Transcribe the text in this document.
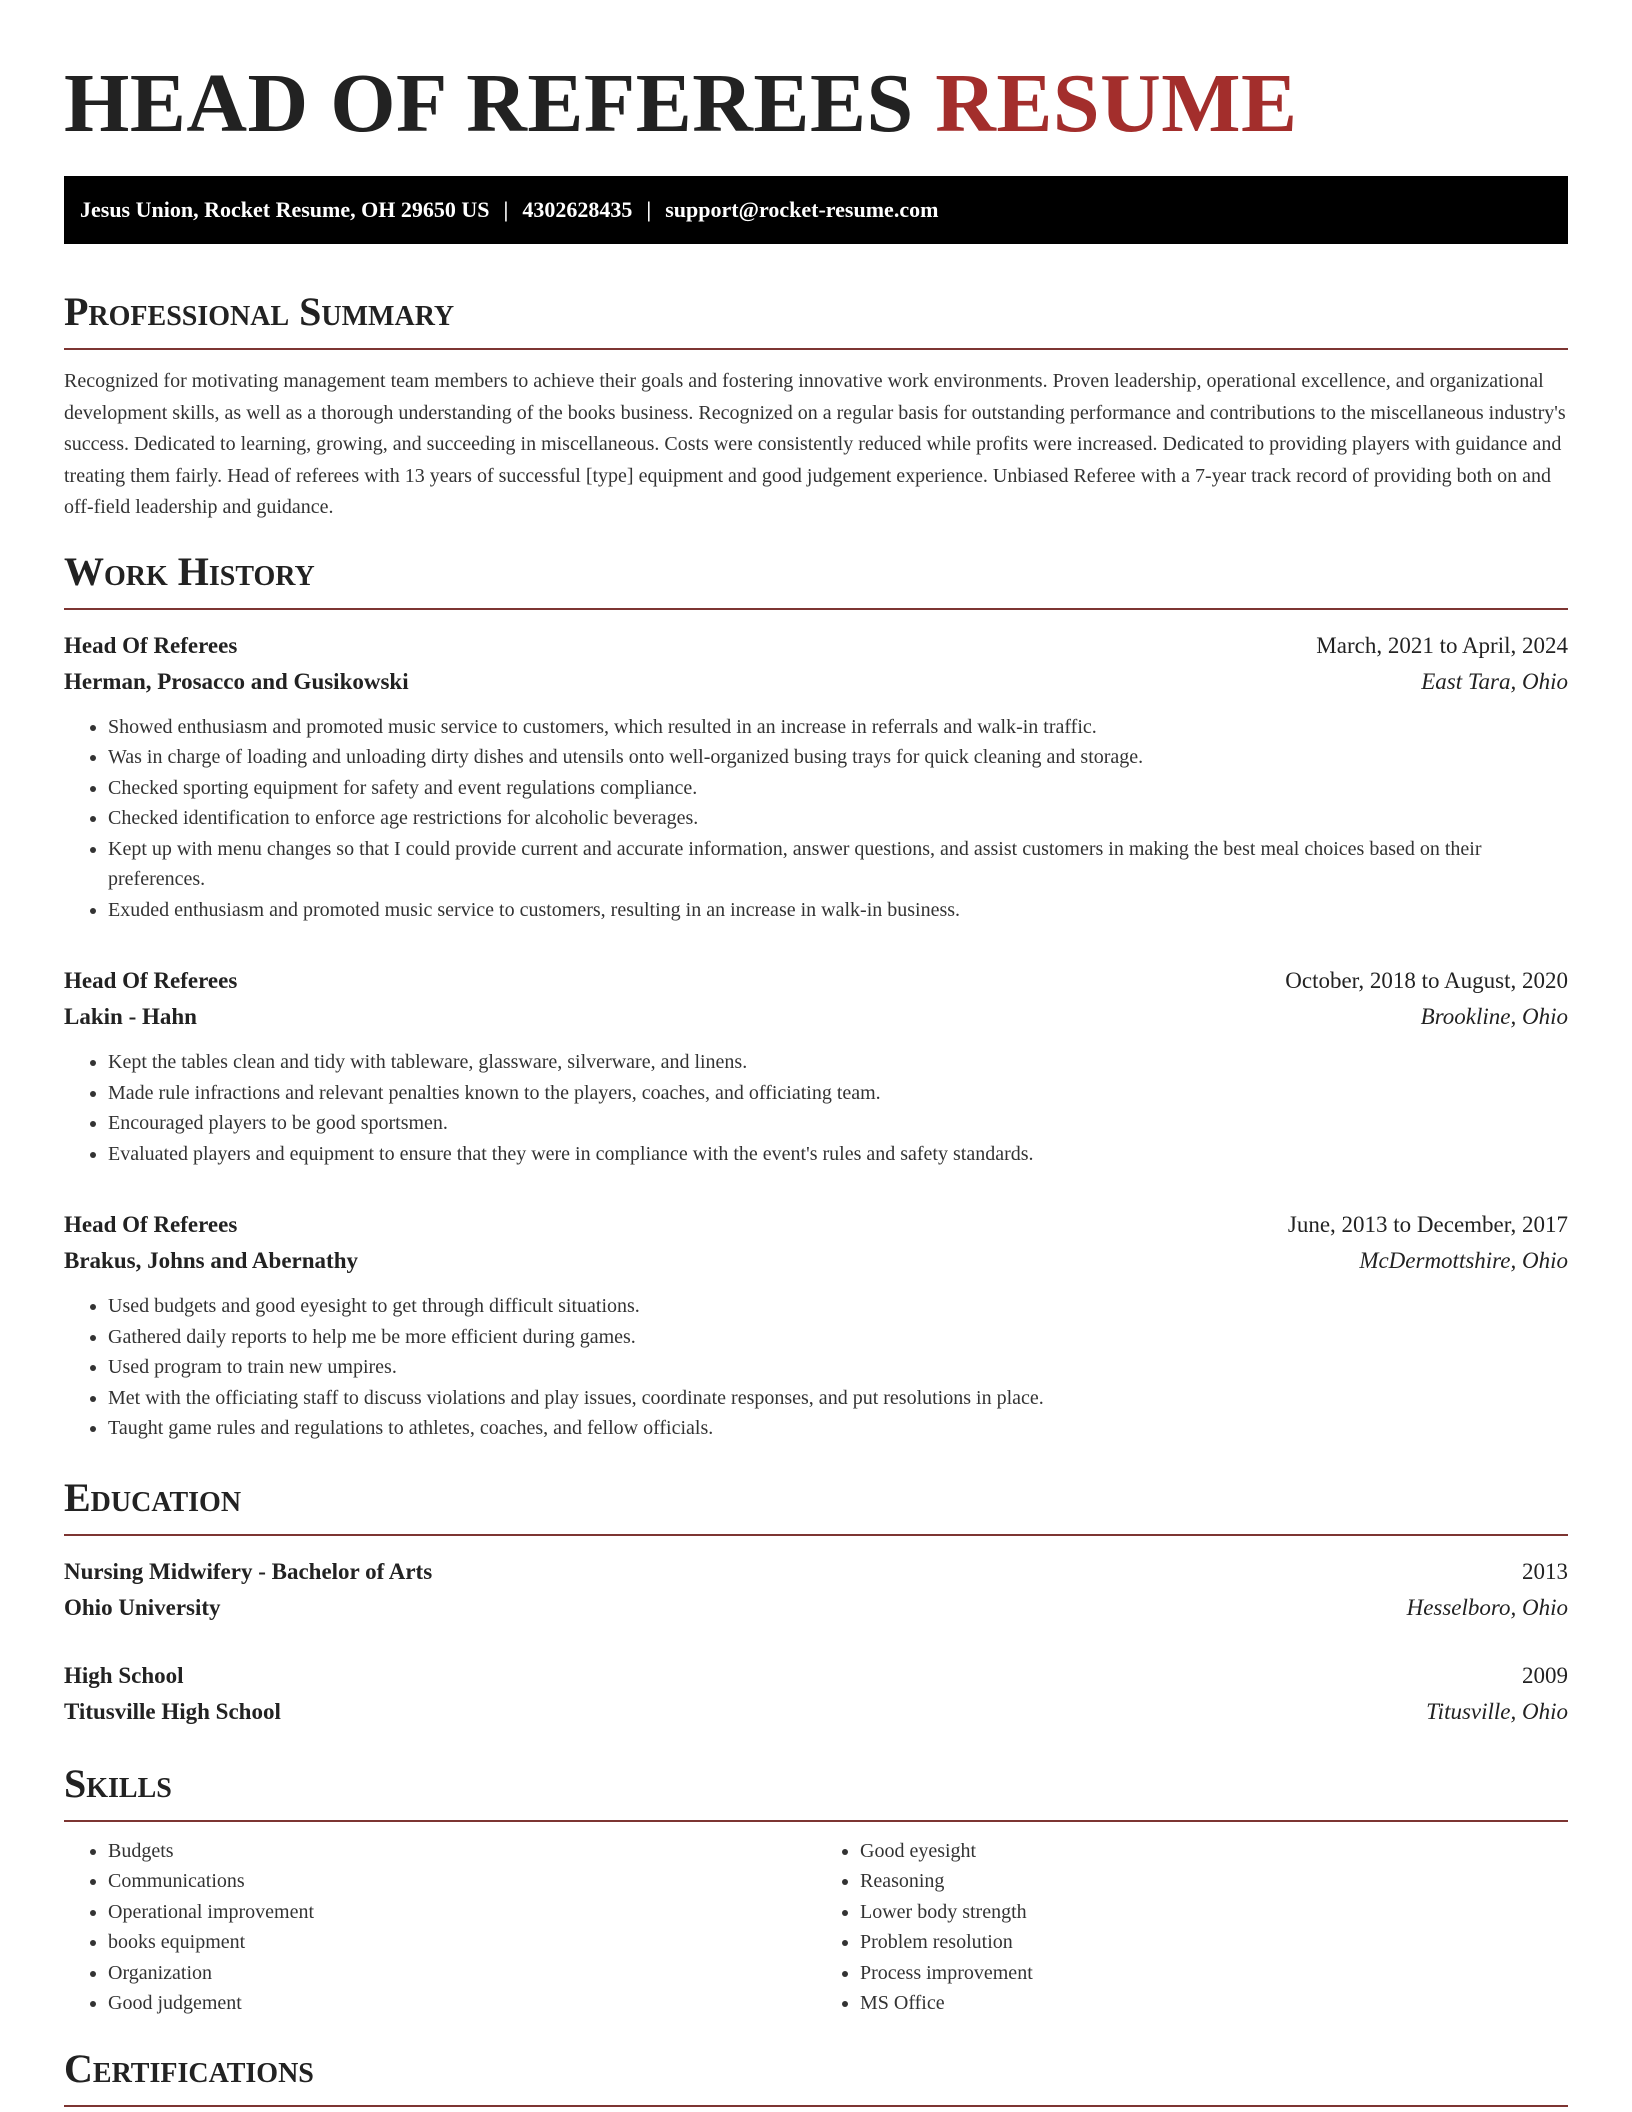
HEAD OF REFEREES RESUME
Jesus Union, Rocket Resume, OH 29650 US | 4302628435 | support@rocket-resume.com
Professional Summary

Recognized for motivating management team members to achieve their goals and fostering innovative work environments. Proven leadership, operational excellence, and organizational development skills, as well as a thorough understanding of the books business. Recognized on a regular basis for outstanding performance and contributions to the miscellaneous industry's success. Dedicated to learning, growing, and succeeding in miscellaneous. Costs were consistently reduced while profits were increased. Dedicated to providing players with guidance and treating them fairly. Head of referees with 13 years of successful [type] equipment and good judgement experience. Unbiased Referee with a 7-year track record of providing both on and off-field leadership and guidance.

Work History
Head Of Referees	March, 2021 to April, 2024
Herman, Prosacco and Gusikowski	East Tara, Ohio
• Showed enthusiasm and promoted music service to customers, which resulted in an increase in referrals and walk-in traffic.
• Was in charge of loading and unloading dirty dishes and utensils onto well-organized busing trays for quick cleaning and storage.
• Checked sporting equipment for safety and event regulations compliance.
• Checked identification to enforce age restrictions for alcoholic beverages.
• Kept up with menu changes so that I could provide current and accurate information, answer questions, and assist customers in making the best meal choices based on their preferences.
• Exuded enthusiasm and promoted music service to customers, resulting in an increase in walk-in business.
Head Of Referees	October, 2018 to August, 2020
Lakin - Hahn	Brookline, Ohio
• Kept the tables clean and tidy with tableware, glassware, silverware, and linens.
• Made rule infractions and relevant penalties known to the players, coaches, and officiating team.
• Encouraged players to be good sportsmen.
• Evaluated players and equipment to ensure that they were in compliance with the event's rules and safety standards.
Head Of Referees	June, 2013 to December, 2017
Brakus, Johns and Abernathy	McDermottshire, Ohio
• Used budgets and good eyesight to get through difficult situations.
• Gathered daily reports to help me be more efficient during games.
• Used program to train new umpires.
• Met with the officiating staff to discuss violations and play issues, coordinate responses, and put resolutions in place.
• Taught game rules and regulations to athletes, coaches, and fellow officials.
Education
Nursing Midwifery - Bachelor of Arts	2013
Ohio University	Hesselboro, Ohio
High School	2009
Titusville High School	Titusville, Ohio
Skills
• Budgets
• Communications
• Operational improvement
• books equipment
• Organization
• Good judgement
• Good eyesight
• Reasoning
• Lower body strength
• Problem resolution
• Process improvement
• MS Office
Certifications
